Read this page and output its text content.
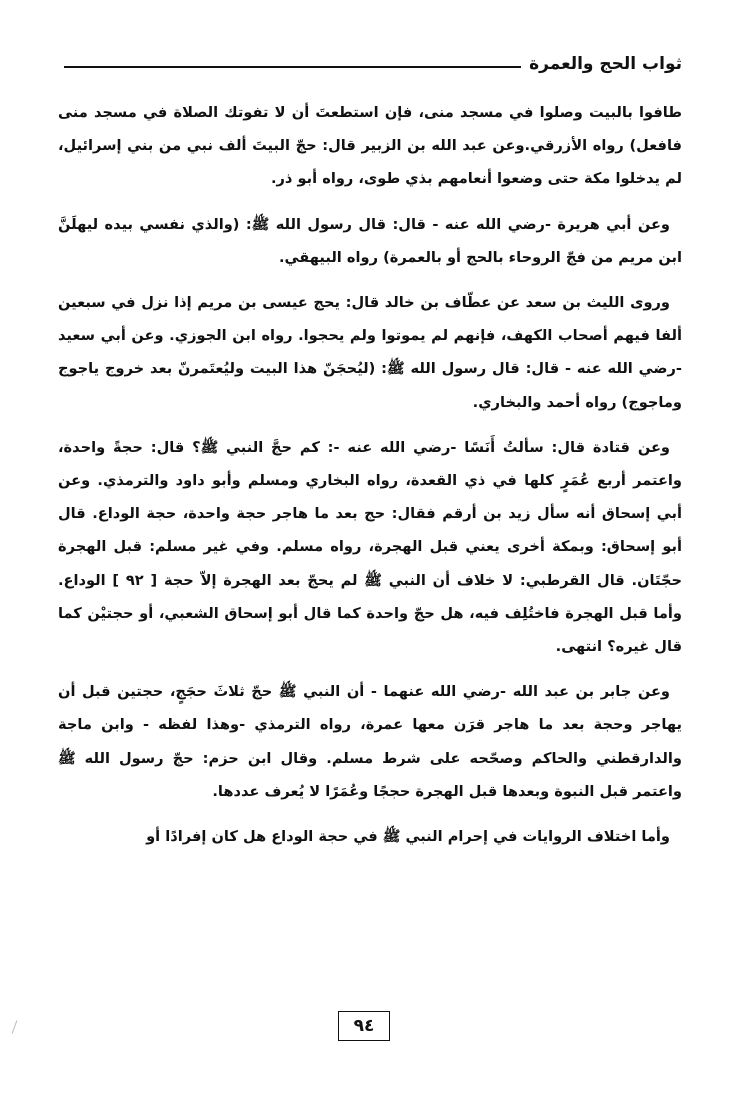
ثواب الحج والعمرة

طافوا بالبيت وصلوا في مسجد منى، فإن استطعتَ أن لا تفوتك الصلاة في مسجد منى فافعل) رواه الأزرقي.وعن عبد الله بن الزبير قال: حجّ البيتَ ألف نبي من بني إسرائيل، لم يدخلوا مكة حتى وضعوا أنعامهم بذي طوى، رواه أبو ذر.

وعن أبي هريرة -رضي الله عنه - قال: قال رسول الله ﷺ: (والذي نفسي بيده ليهلَنَّ ابن مريم من فجّ الروحاء بالحج أو بالعمرة) رواه البيهقي.

وروى الليث بن سعد عن عطّاف بن خالد قال: يحج عيسى بن مريم إذا نزل في سبعين ألفا فيهم أصحاب الكهف، فإنهم لم يموتوا ولم يحجوا. رواه ابن الجوزي. وعن أبي سعيد -رضي الله عنه - قال: قال رسول الله ﷺ: (ليُحجَنّ هذا البيت وليُعتَمرنّ بعد خروج ياجوج وماجوج) رواه أحمد والبخاري.

وعن قتادة قال: سألتُ أَنَسًا -رضي الله عنه -: كم حجَّ النبي ﷺ؟ قال: حجةً واحدة، واعتمر أربع عُمَرٍ كلها في ذي القعدة، رواه البخاري ومسلم وأبو داود والترمذي. وعن أبي إسحاق أنه سأل زيد بن أرقم فقال: حج بعد ما هاجر حجة واحدة، حجة الوداع. قال أبو إسحاق: وبمكة أخرى يعني قبل الهجرة، رواه مسلم. وفي غير مسلم: قبل الهجرة حجّتَان. قال القرطبي: لا خلاف أن النبي ﷺ لم يحجّ بعد الهجرة إلاّ حجة [ ٩٢ ] الوداع. وأما قبل الهجرة فاختُلِف فيه، هل حجّ واحدة كما قال أبو إسحاق الشعبي، أو حجتيْن كما قال غيره؟ انتهى.

وعن جابر بن عبد الله -رضي الله عنهما - أن النبي ﷺ حجّ ثلاثَ حجَجٍ، حجتين قبل أن يهاجر وحجة بعد ما هاجر قرَن معها عمرة، رواه الترمذي -وهذا لفظه - وابن ماجة والدارقطني والحاكم وصحّحه على شرط مسلم. وقال ابن حزم: حجّ رسول الله ﷺ واعتمر قبل النبوة وبعدها قبل الهجرة حججًا وعُمَرًا لا يُعرف عددها.

وأما اختلاف الروايات في إحرام النبي ﷺ في حجة الوداع هل كان إفرادًا أو

٩٤
